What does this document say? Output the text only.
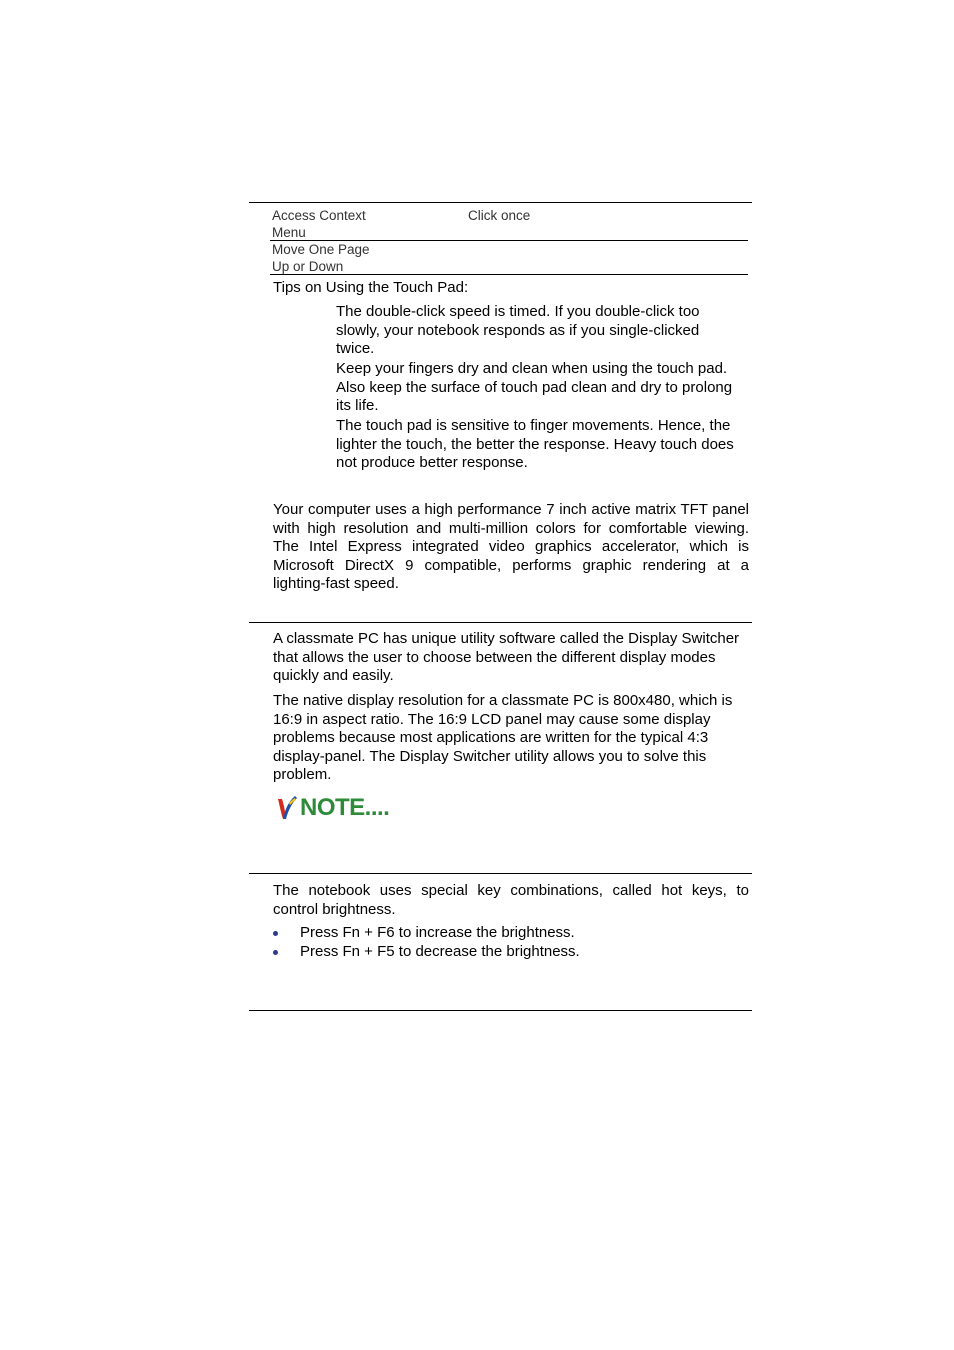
Access Context
Menu
Click once
Move One Page
Up or Down
Tips on Using the Touch Pad:
The double-click speed is timed. If you double-click too slowly, your notebook responds as if you single-clicked twice.
Keep your fingers dry and clean when using the touch pad. Also keep the surface of touch pad clean and dry to prolong its life.
The touch pad is sensitive to finger movements. Hence, the lighter the touch, the better the response. Heavy touch does not produce better response.
Your computer uses a high performance 7 inch active matrix TFT panel with high resolution and multi-million colors for comfortable viewing. The Intel Express integrated video graphics accelerator, which is Microsoft DirectX 9 compatible, performs graphic rendering at a lighting-fast speed.
A classmate PC has unique utility software called the Display Switcher that allows the user to choose between the different display modes quickly and easily.
The native display resolution for a classmate PC is 800x480, which is 16:9 in aspect ratio. The 16:9 LCD panel may cause some display problems because most applications are written for the typical 4:3 display-panel. The Display Switcher utility allows you to solve this problem.
NOTE....
The notebook uses special key combinations, called hot keys, to control brightness.
Press Fn + F6 to increase the brightness.
Press Fn + F5 to decrease the brightness.
